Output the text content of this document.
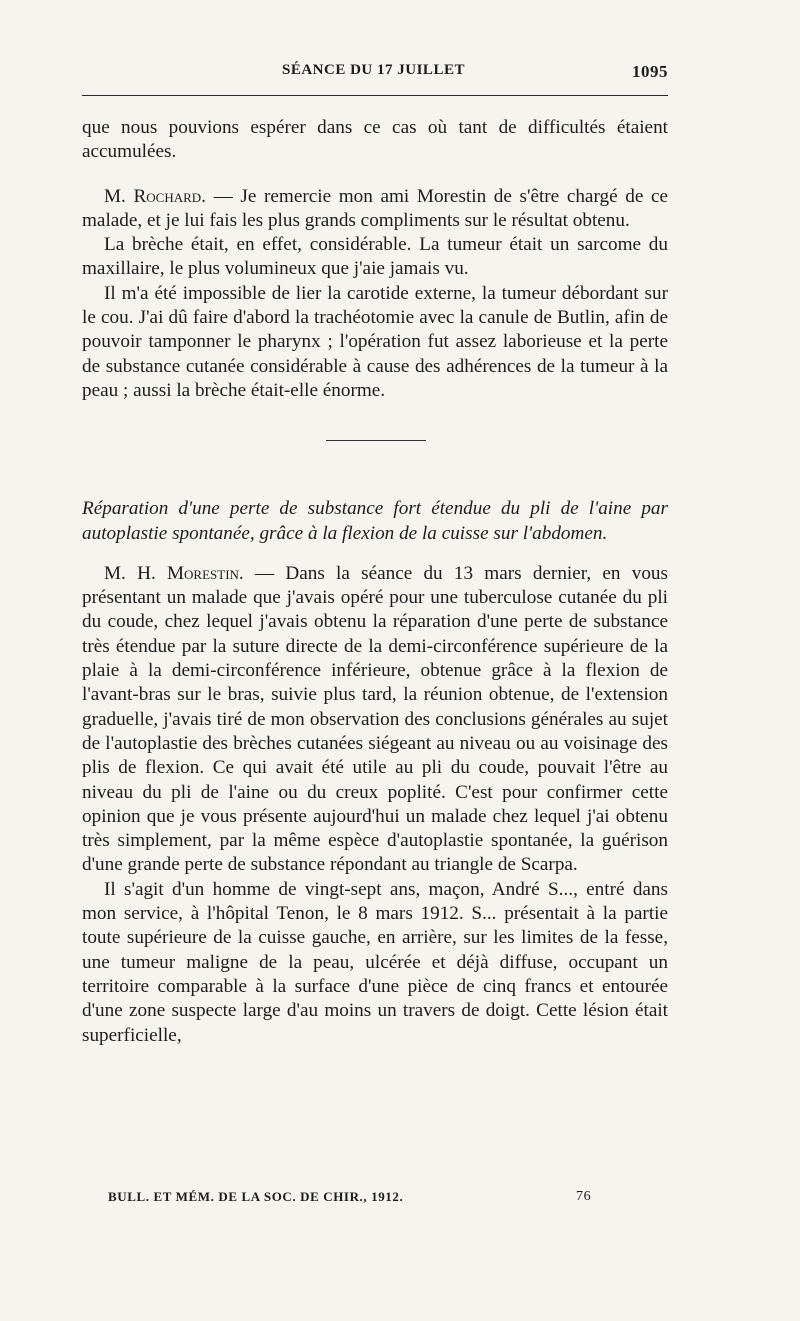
SÉANCE DU 17 JUILLET	1095

que nous pouvions espérer dans ce cas où tant de difficultés étaient accumulées.

M. Rochard. — Je remercie mon ami Morestin de s'être chargé de ce malade, et je lui fais les plus grands compliments sur le résultat obtenu.

La brèche était, en effet, considérable. La tumeur était un sarcome du maxillaire, le plus volumineux que j'aie jamais vu.

Il m'a été impossible de lier la carotide externe, la tumeur débordant sur le cou. J'ai dû faire d'abord la trachéotomie avec la canule de Butlin, afin de pouvoir tamponner le pharynx ; l'opération fut assez laborieuse et la perte de substance cutanée considérable à cause des adhérences de la tumeur à la peau ; aussi la brèche était-elle énorme.

Réparation d'une perte de substance fort étendue du pli de l'aine par autoplastie spontanée, grâce à la flexion de la cuisse sur l'abdomen.

M. H. Morestin. — Dans la séance du 13 mars dernier, en vous présentant un malade que j'avais opéré pour une tuberculose cutanée du pli du coude, chez lequel j'avais obtenu la réparation d'une perte de substance très étendue par la suture directe de la demi-circonférence supérieure de la plaie à la demi-circonférence inférieure, obtenue grâce à la flexion de l'avant-bras sur le bras, suivie plus tard, la réunion obtenue, de l'extension graduelle, j'avais tiré de mon observation des conclusions générales au sujet de l'autoplastie des brèches cutanées siégeant au niveau ou au voisinage des plis de flexion. Ce qui avait été utile au pli du coude, pouvait l'être au niveau du pli de l'aine ou du creux poplité. C'est pour confirmer cette opinion que je vous présente aujourd'hui un malade chez lequel j'ai obtenu très simplement, par la même espèce d'autoplastie spontanée, la guérison d'une grande perte de substance répondant au triangle de Scarpa.

Il s'agit d'un homme de vingt-sept ans, maçon, André S..., entré dans mon service, à l'hôpital Tenon, le 8 mars 1912. S... présentait à la partie toute supérieure de la cuisse gauche, en arrière, sur les limites de la fesse, une tumeur maligne de la peau, ulcérée et déjà diffuse, occupant un territoire comparable à la surface d'une pièce de cinq francs et entourée d'une zone suspecte large d'au moins un travers de doigt. Cette lésion était superficielle,

BULL. ET MÉM. DE LA SOC. DE CHIR., 1912.	76
